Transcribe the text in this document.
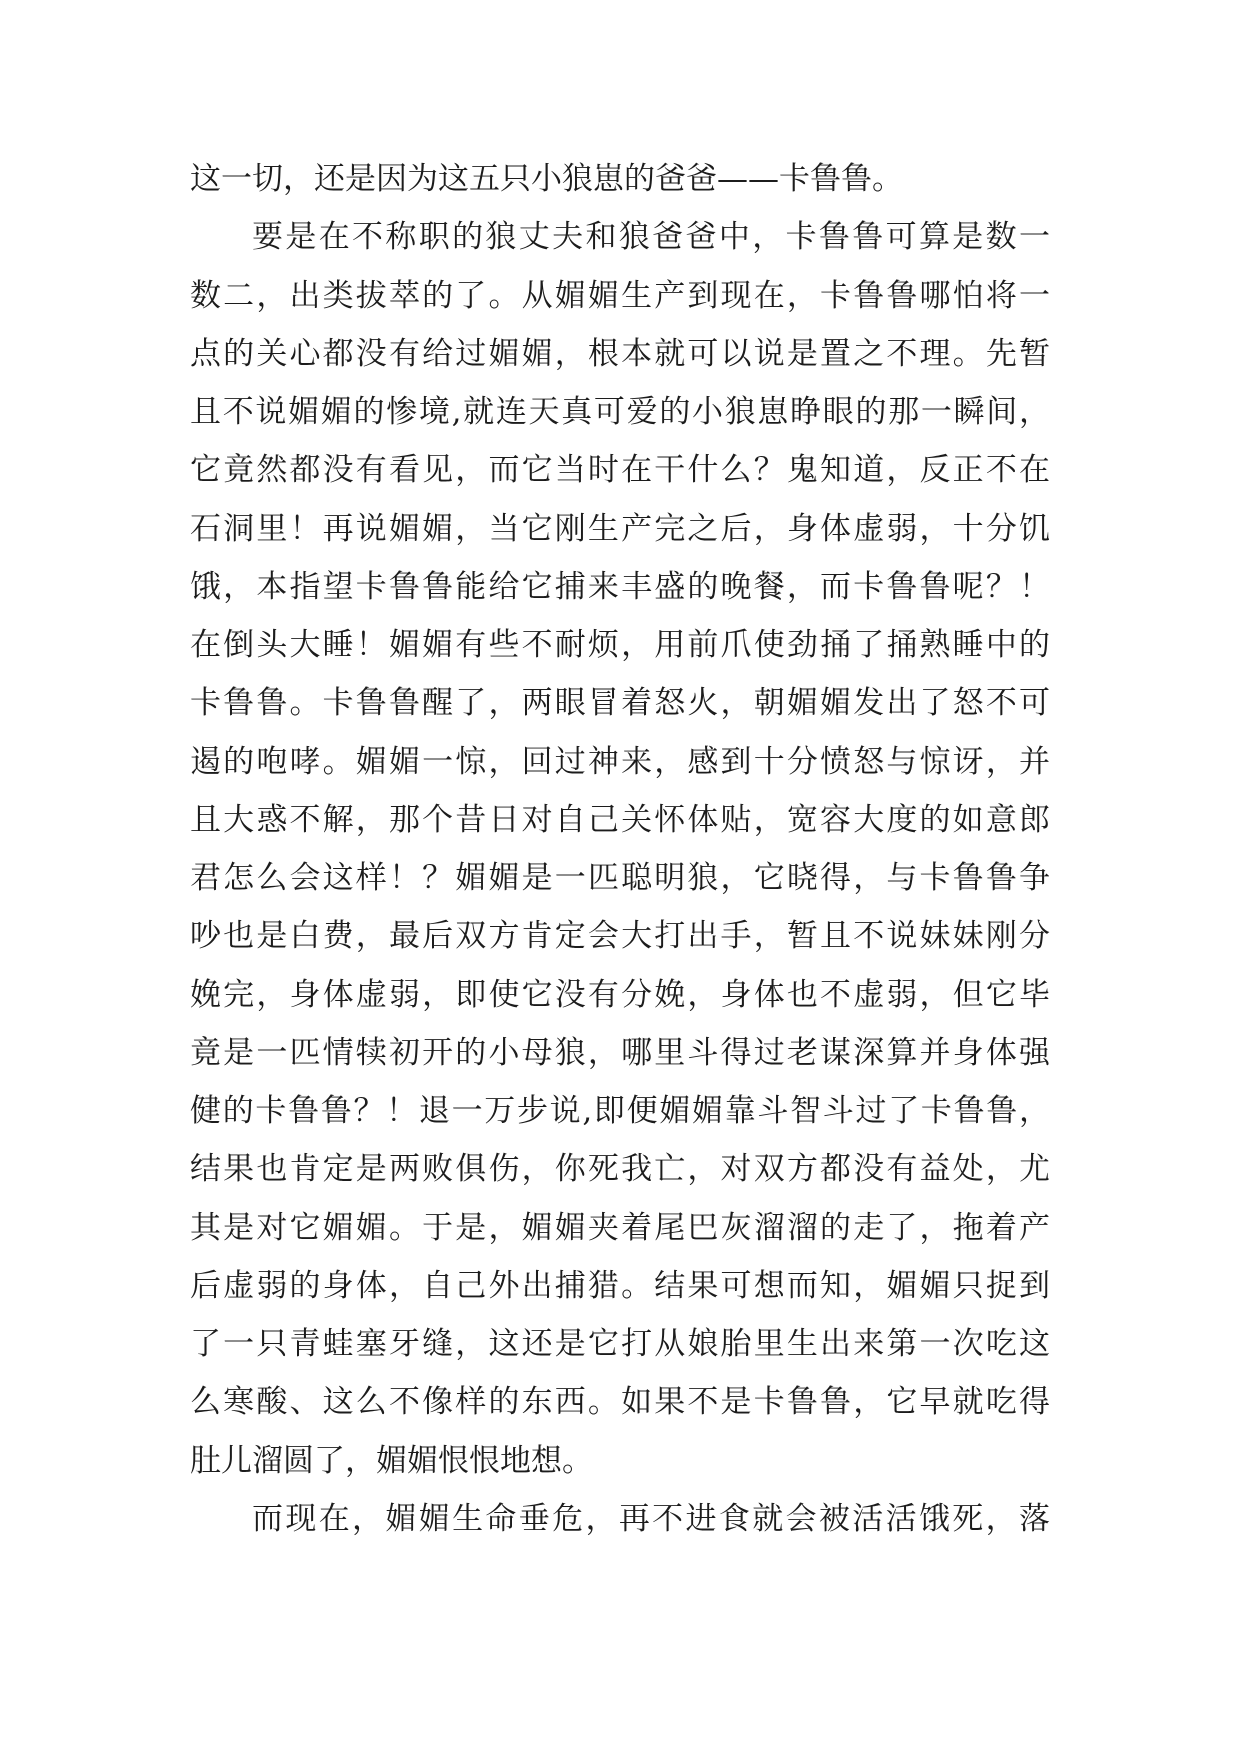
这一切，还是因为这五只小狼崽的爸爸——卡鲁鲁。
要是在不称职的狼丈夫和狼爸爸中，卡鲁鲁可算是数一
数二，出类拔萃的了。从媚媚生产到现在，卡鲁鲁哪怕将一
点的关心都没有给过媚媚，根本就可以说是置之不理。先暂
且不说媚媚的惨境,就连天真可爱的小狼崽睁眼的那一瞬间，
它竟然都没有看见，而它当时在干什么？鬼知道，反正不在
石洞里！再说媚媚，当它刚生产完之后，身体虚弱，十分饥
饿，本指望卡鲁鲁能给它捕来丰盛的晚餐，而卡鲁鲁呢？！
在倒头大睡！媚媚有些不耐烦，用前爪使劲捅了捅熟睡中的
卡鲁鲁。卡鲁鲁醒了，两眼冒着怒火，朝媚媚发出了怒不可
遏的咆哮。媚媚一惊，回过神来，感到十分愤怒与惊讶，并
且大惑不解，那个昔日对自己关怀体贴，宽容大度的如意郎
君怎么会这样！？媚媚是一匹聪明狼，它晓得，与卡鲁鲁争
吵也是白费，最后双方肯定会大打出手，暂且不说妹妹刚分
娩完，身体虚弱，即使它没有分娩，身体也不虚弱，但它毕
竟是一匹情犊初开的小母狼，哪里斗得过老谋深算并身体强
健的卡鲁鲁？！退一万步说,即便媚媚靠斗智斗过了卡鲁鲁，
结果也肯定是两败俱伤，你死我亡，对双方都没有益处，尤
其是对它媚媚。于是，媚媚夹着尾巴灰溜溜的走了，拖着产
后虚弱的身体，自己外出捕猎。结果可想而知，媚媚只捉到
了一只青蛙塞牙缝，这还是它打从娘胎里生出来第一次吃这
么寒酸、这么不像样的东西。如果不是卡鲁鲁，它早就吃得
肚儿溜圆了，媚媚恨恨地想。
而现在，媚媚生命垂危，再不进食就会被活活饿死，落
